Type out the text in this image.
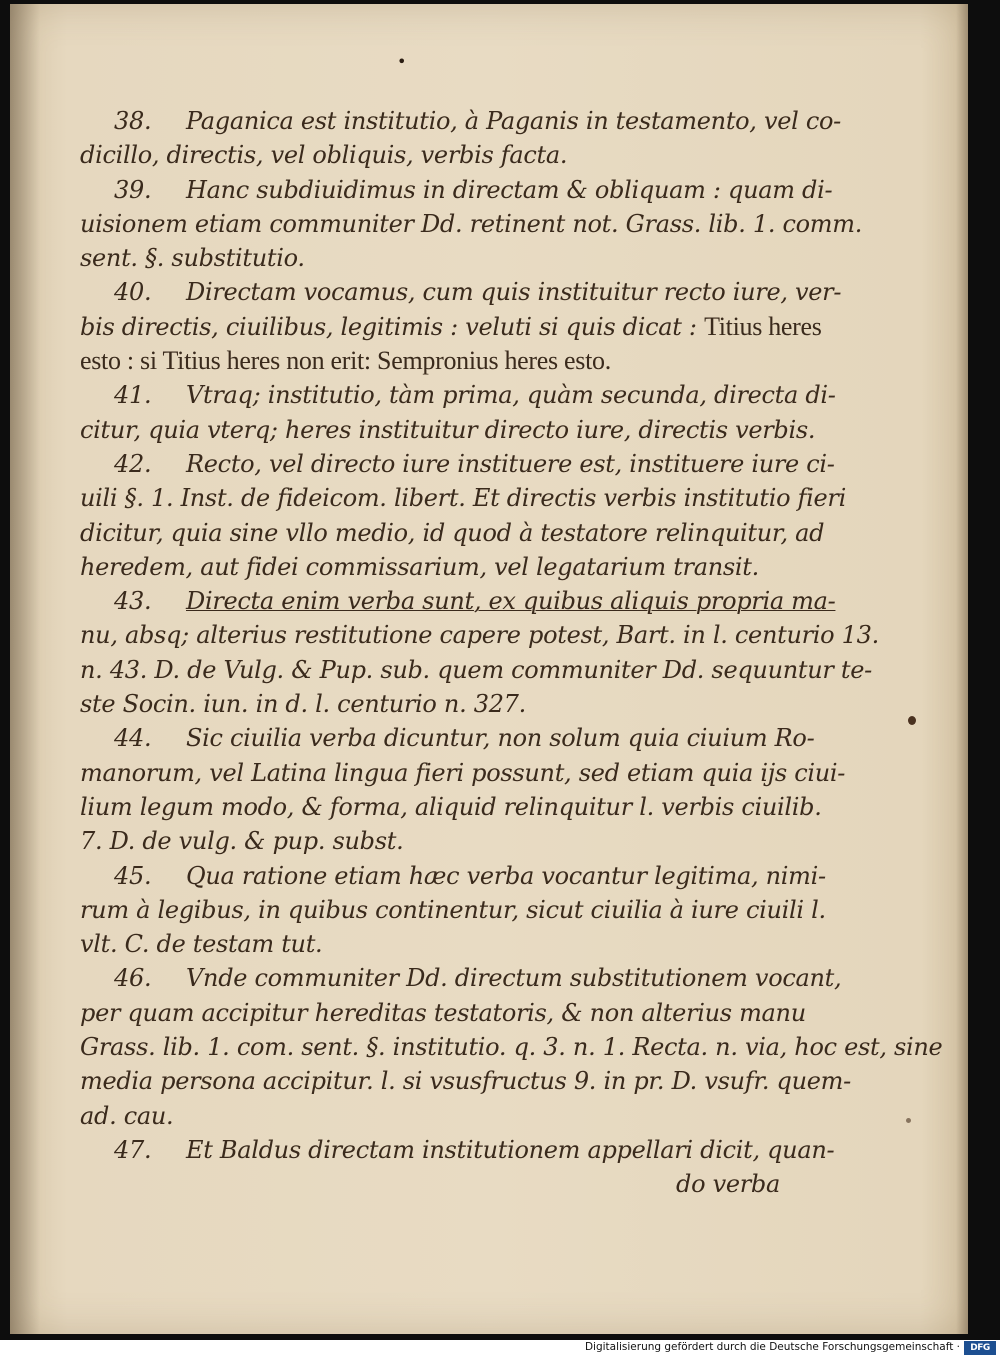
•

38. Paganica est institutio, à Paganis in testamento, vel co-
dicillo, directis, vel obliquis, verbis facta.

39. Hanc subdiuidimus in directam & obliquam : quam di-
uisionem etiam communiter Dd. retinent not. Grass. lib. 1. comm.
sent. §. substitutio.

40. Directam vocamus, cum quis instituitur recto iure, ver-
bis directis, ciuilibus, legitimis : veluti si quis dicat : Titius heres
esto : si Titius heres non erit: Sempronius heres esto.

41. Vtraq; institutio, tàm prima, quàm secunda, directa di-
citur, quia vterq; heres instituitur directo iure, directis verbis.

42. Recto, vel directo iure instituere est, instituere iure ci-
uili §. 1. Inst. de fideicom. libert. Et directis verbis institutio fieri
dicitur, quia sine vllo medio, id quod à testatore relinquitur, ad
heredem, aut fidei commissarium, vel legatarium transit.

43. Directa enim verba sunt, ex quibus aliquis propria ma-
nu, absq; alterius restitutione capere potest, Bart. in l. centurio 13.
n. 43. D. de Vulg. & Pup. sub. quem communiter Dd. sequuntur te-
ste Socin. iun. in d. l. centurio n. 327.

44. Sic ciuilia verba dicuntur, non solum quia ciuium Ro-
manorum, vel Latina lingua fieri possunt, sed etiam quia ijs ciui-
lium legum modo, & forma, aliquid relinquitur l. verbis ciuilib.
7. D. de vulg. & pup. subst.

45. Qua ratione etiam hæc verba vocantur legitima, nimi-
rum à legibus, in quibus continentur, sicut ciuilia à iure ciuili l.
vlt. C. de testam tut.

46. Vnde communiter Dd. directum substitutionem vocant,
per quam accipitur hereditas testatoris, & non alterius manu
Grass. lib. 1. com. sent. §. institutio. q. 3. n. 1. Recta. n. via, hoc est, sine
media persona accipitur. l. si vsusfructus 9. in pr. D. vsufr. quem-
ad. cau.

47. Et Baldus directam institutionem appellari dicit, quan-
do verba

Digitalisierung gefördert durch die Deutsche Forschungsgemeinschaft ·	DFG
